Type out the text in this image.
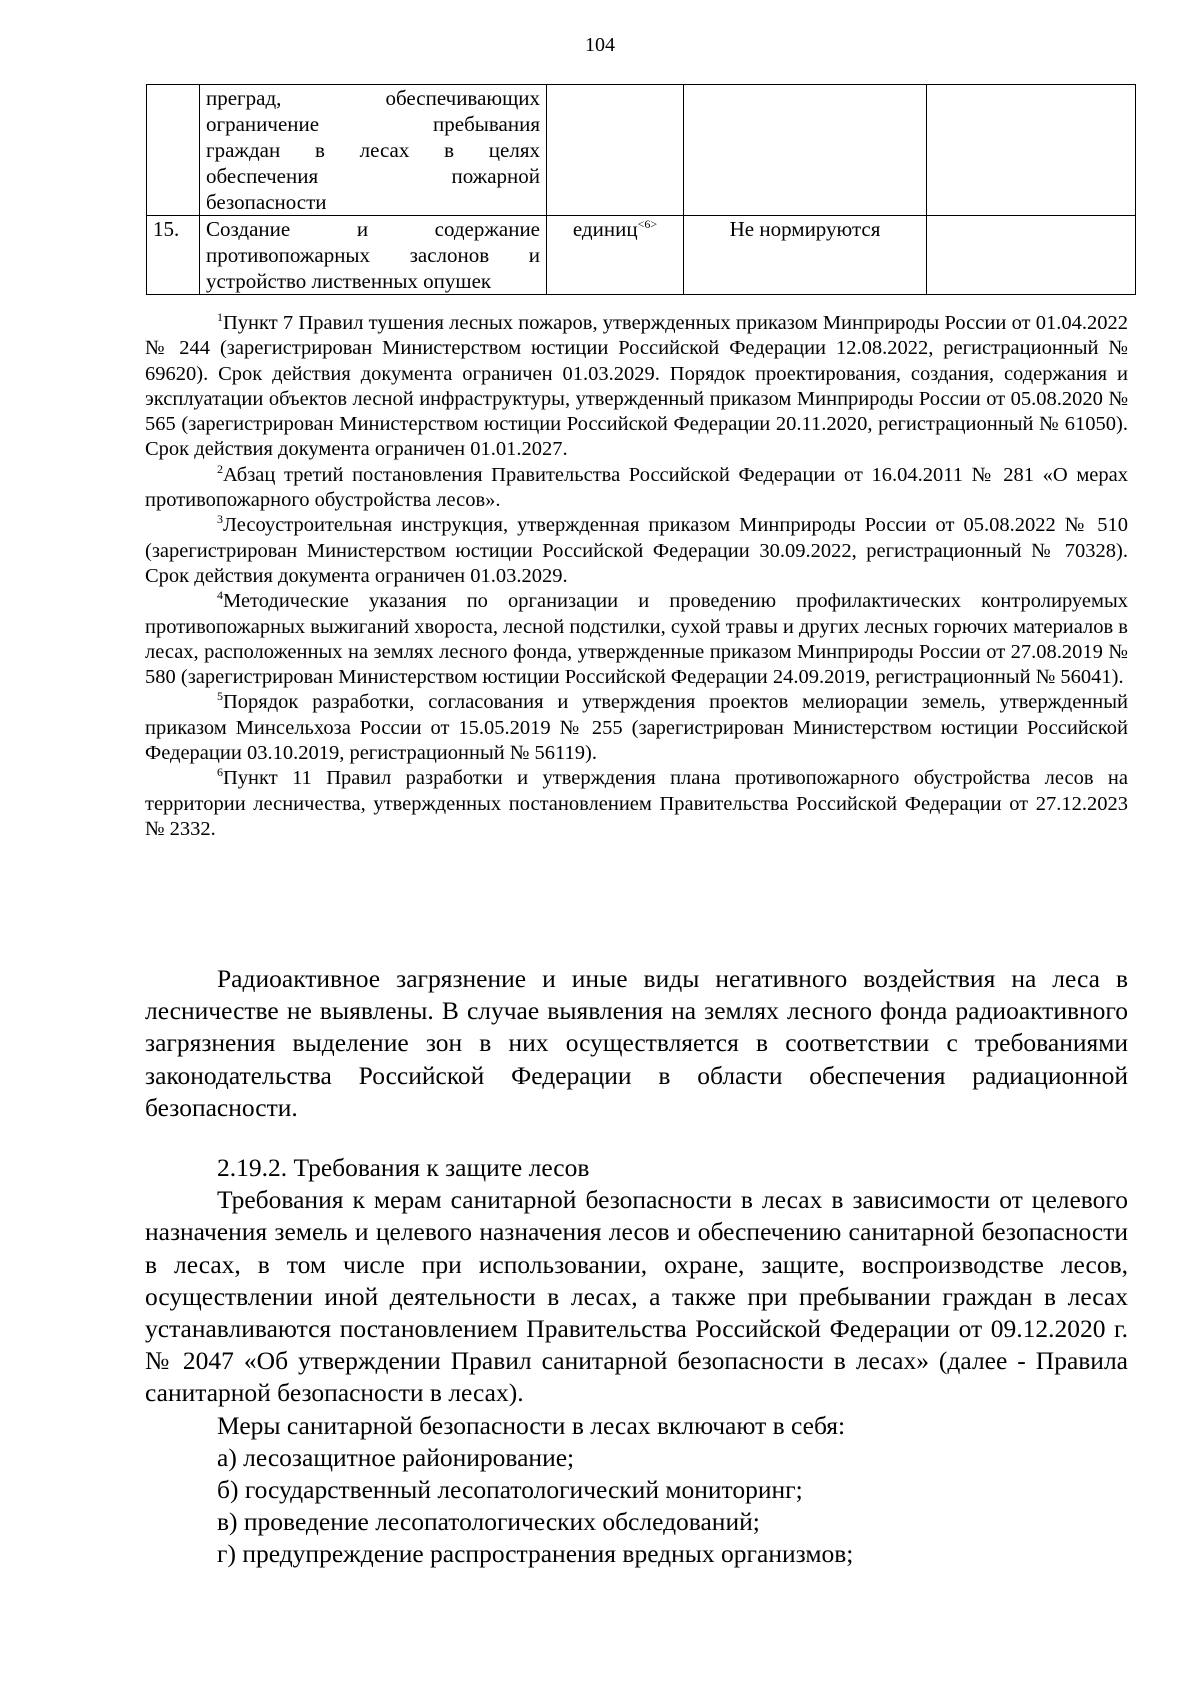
104

	преград, обеспечивающих
ограничение пребывания
граждан в лесах в целях
обеспечения пожарной
безопасности			

15.	Создание и содержание
противопожарных заслонов и
устройство лиственных опушек	единиц$^{<6>}$	Не нормируются	

$^1$Пункт 7 Правил тушения лесных пожаров, утвержденных приказом Минприроды России от 01.04.2022 № 244 (зарегистрирован Министерством юстиции Российской Федерации 12.08.2022, регистрационный № 69620). Срок действия документа ограничен 01.03.2029. Порядок проектирования, создания, содержания и эксплуатации объектов лесной инфраструктуры, утвержденный приказом Минприроды России от 05.08.2020 № 565 (зарегистрирован Министерством юстиции Российской Федерации 20.11.2020, регистрационный № 61050). Срок действия документа ограничен 01.01.2027.

$^2$Абзац третий постановления Правительства Российской Федерации от 16.04.2011 № 281 «О мерах противопожарного обустройства лесов».

$^3$Лесоустроительная инструкция, утвержденная приказом Минприроды России от 05.08.2022 № 510 (зарегистрирован Министерством юстиции Российской Федерации 30.09.2022, регистрационный № 70328). Срок действия документа ограничен 01.03.2029.

$^4$Методические указания по организации и проведению профилактических контролируемых противопожарных выжиганий хвороста, лесной подстилки, сухой травы и других лесных горючих материалов в лесах, расположенных на землях лесного фонда, утвержденные приказом Минприроды России от 27.08.2019 № 580 (зарегистрирован Министерством юстиции Российской Федерации 24.09.2019, регистрационный № 56041).

$^5$Порядок разработки, согласования и утверждения проектов мелиорации земель, утвержденный приказом Минсельхоза России от 15.05.2019 № 255 (зарегистрирован Министерством юстиции Российской Федерации 03.10.2019, регистрационный № 56119).

$^6$Пункт 11 Правил разработки и утверждения плана противопожарного обустройства лесов на территории лесничества, утвержденных постановлением Правительства Российской Федерации от 27.12.2023 № 2332.

Радиоактивное загрязнение и иные виды негативного воздействия на леса в лесничестве не выявлены. В случае выявления на землях лесного фонда радиоактивного загрязнения выделение зон в них осуществляется в соответствии с требованиями законодательства Российской Федерации в области обеспечения радиационной безопасности.

2.19.2. Требования к защите лесов

Требования к мерам санитарной безопасности в лесах в зависимости от целевого назначения земель и целевого назначения лесов и обеспечению санитарной безопасности в лесах, в том числе при использовании, охране, защите, воспроизводстве лесов, осуществлении иной деятельности в лесах, а также при пребывании граждан в лесах устанавливаются постановлением Правительства Российской Федерации от 09.12.2020 г. № 2047 «Об утверждении Правил санитарной безопасности в лесах» (далее - Правила санитарной безопасности в лесах).

Меры санитарной безопасности в лесах включают в себя:

а) лесозащитное районирование;

б) государственный лесопатологический мониторинг;

в) проведение лесопатологических обследований;

г) предупреждение распространения вредных организмов;
